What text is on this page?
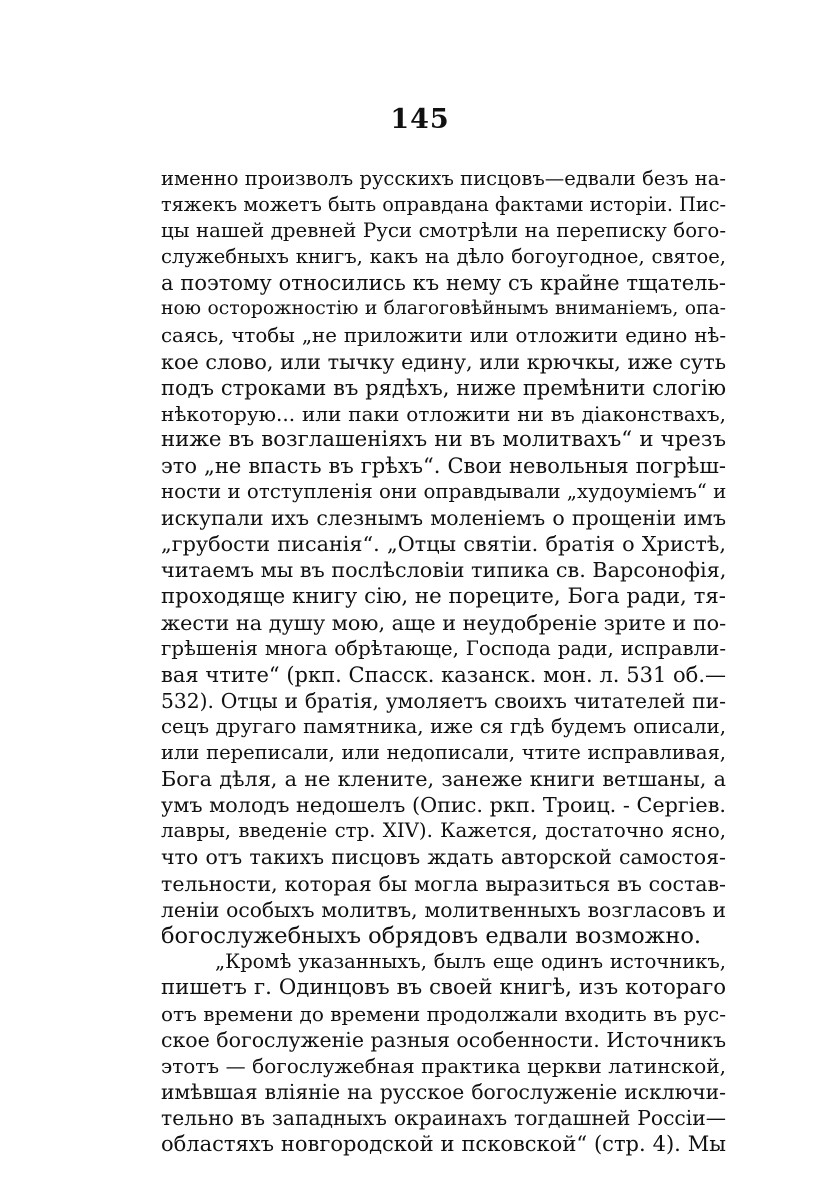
145
именно произволъ русскихъ писцовъ—едвали безъ на-
тяжекъ можетъ быть оправдана фактами исторіи. Пис-
цы нашей древней Руси смотрѣли на переписку бого-
служебныхъ книгъ, какъ на дѣло богоугодное, святое,
а поэтому относились къ нему съ крайне тщатель-
ною осторожностію и благоговѣйнымъ вниманіемъ, опа-
саясь, чтобы „не приложити или отложити едино нѣ-
кое слово, или тычку едину, или крючкы, иже суть
подъ строками въ рядѣхъ, ниже премѣнити слогію
нѣкоторую... или паки отложити ни въ діаконствахъ,
ниже въ возглашеніяхъ ни въ молитвахъ“ и чрезъ
это „не впасть въ грѣхъ“. Свои невольныя погрѣш-
ности и отступленія они оправдывали „худоуміемъ“ и
искупали ихъ слезнымъ моленіемъ о прощеніи имъ
„грубости писанія“. „Отцы святіи. братія о Христѣ,
читаемъ мы въ послѣсловіи типика св. Варсонофія,
проходяще книгу сію, не пореците, Бога ради, тя-
жести на душу мою, аще и неудобреніе зрите и по-
грѣшенія многа обрѣтающе, Господа ради, исправли-
вая чтите“ (ркп. Спасск. казанск. мон. л. 531 об.—
532). Отцы и братія, умоляетъ своихъ читателей пи-
сецъ другаго памятника, иже ся гдѣ будемъ описали,
или переписали, или недописали, чтите исправливая,
Бога дѣля, а не клените, занеже книги ветшаны, а
умъ молодъ недошелъ (Опис. ркп. Троиц. - Сергіев.
лавры, введеніе стр. XIV). Кажется, достаточно ясно,
что отъ такихъ писцовъ ждать авторской самостоя-
тельности, которая бы могла выразиться въ состав-
леніи особыхъ молитвъ, молитвенныхъ возгласовъ и
богослужебныхъ обрядовъ едвали возможно.
„Кромѣ указанныхъ, былъ еще одинъ источникъ,
пишетъ г. Одинцовъ въ своей книгѣ, изъ котораго
отъ времени до времени продолжали входить въ рус-
ское богослуженіе разныя особенности. Источникъ
этотъ — богослужебная практика церкви латинской,
имѣвшая вліяніе на русское богослуженіе исключи-
тельно въ западныхъ окраинахъ тогдашней Россіи—
областяхъ новгородской и псковской“ (стр. 4). Мы
